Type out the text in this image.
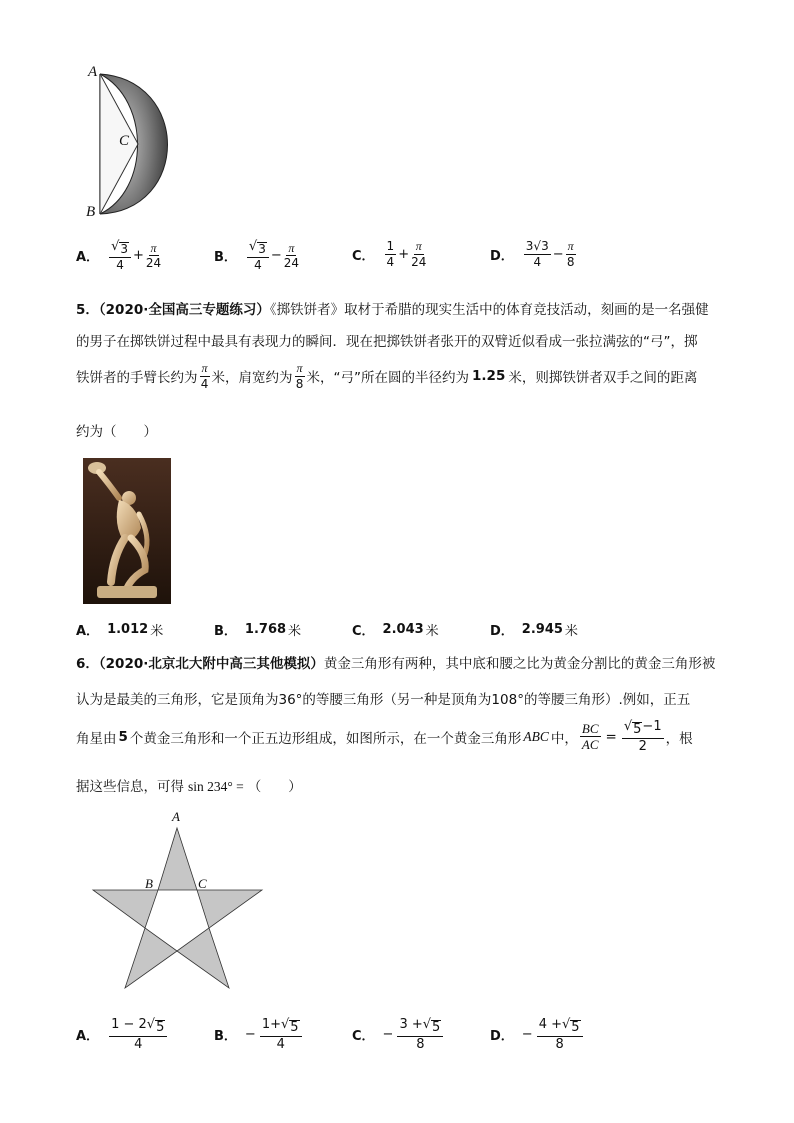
A
B
C
A． $\frac{√ 3}{4} + \frac{\pi}{24}$	B． $\frac{√ 3}{4} - \frac{\pi}{24}$	C． $\frac{1}{4} + \frac{\pi}{24}$	D． $\frac{3√3}{4} - \frac{\pi}{8}$
5．（2020·全国高三专题练习）《掷铁饼者》取材于希腊的现实生活中的体育竞技活动，刻画的是一名强健
的男子在掷铁饼过程中最具有表现力的瞬间．现在把掷铁饼者张开的双臂近似看成一张拉满弦的“弓”，掷
铁饼者的手臂长约为 $\frac{\pi}{4}$ 米，肩宽约为 $\frac{\pi}{8}$ 米，“弓”所在圆的半径约为 1.25 米，则掷铁饼者双手之间的距离
约为（　　）
A． 1.012 米	B． 1.768 米	C． 2.043 米	D． 2.945 米
6．（2020·北京北大附中高三其他模拟）黄金三角形有两种，其中底和腰之比为黄金分割比的黄金三角形被
认为是最美的三角形，它是顶角为36°的等腰三角形（另一种是顶角为108°的等腰三角形）.例如，正五
角星由 5 个黄金三角形和一个正五边形组成，如图所示，在一个黄金三角形 ABC 中， $\frac{BC}{AC} = \frac{√ 5 -1}{2}$ ，根
据这些信息，可得 sin 234° = （　　）
A
B	C
A． $\frac{1 - 2 √ 5}{4}$	B． − $\frac{1+ √ 5}{4}$	C． − $\frac{3 + √ 5}{8}$	D． − $\frac{4 + √ 5}{8}$
